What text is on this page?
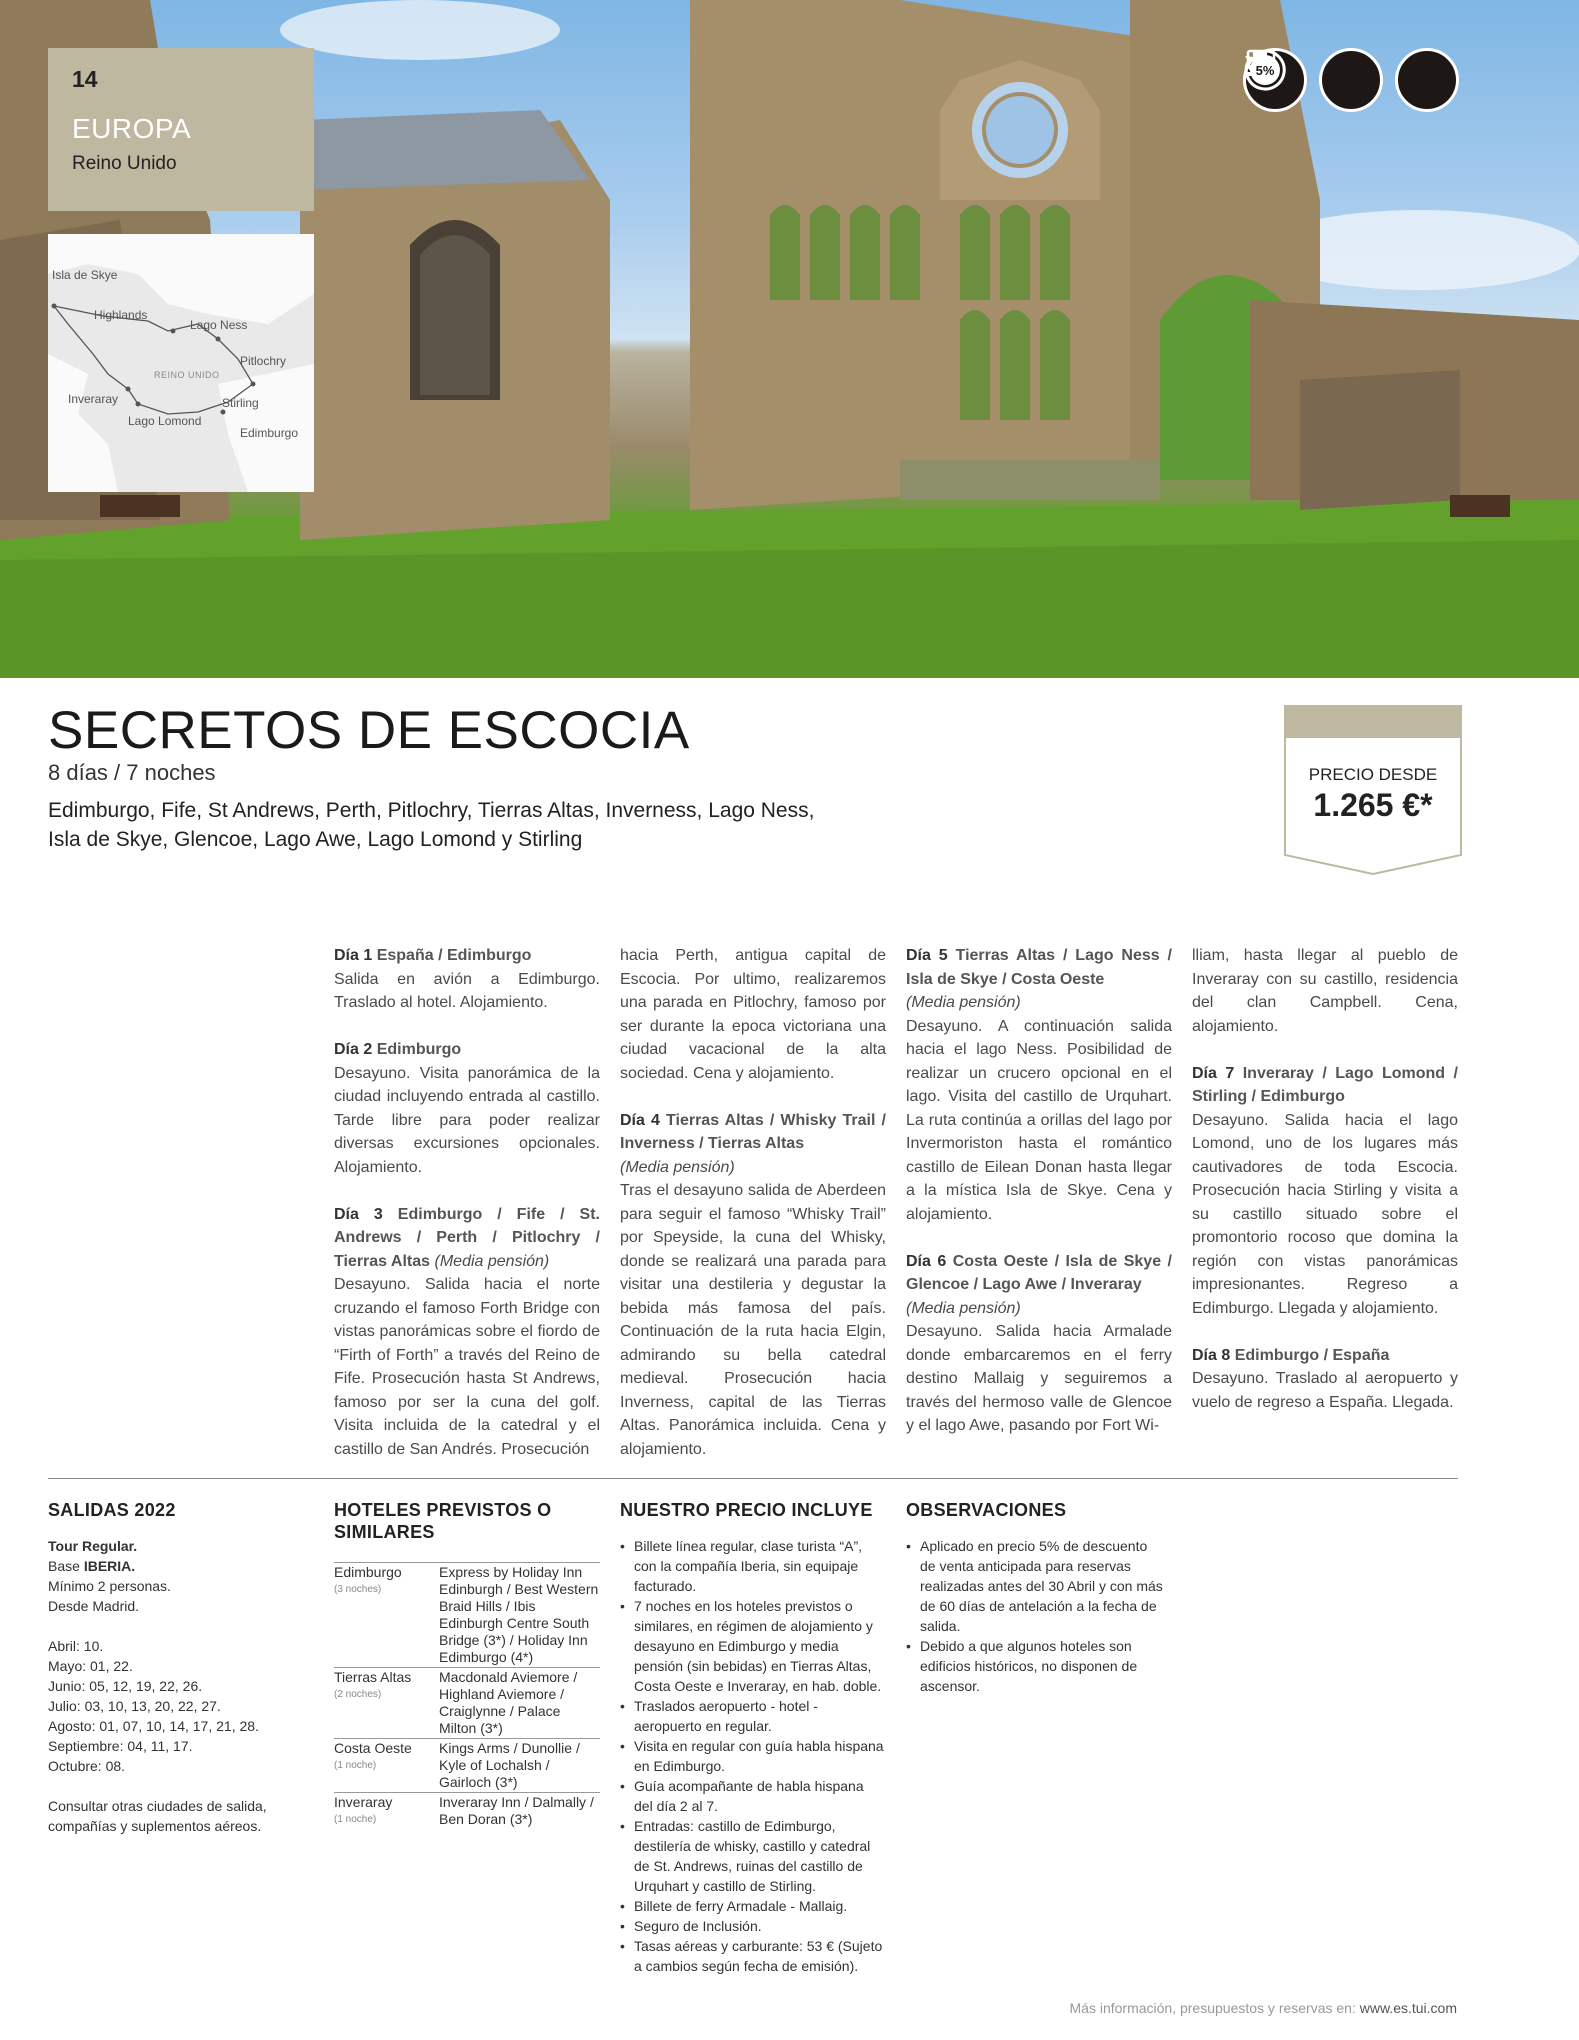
14
EUROPA
Reino Unido
Isla de Skye
Highlands
Lago Ness
Pitlochry
REINO UNIDO
Inveraray	Stirling
Lago Lomond
Edimburgo
5%
SECRETOS DE ESCOCIA
8 días / 7 noches
Edimburgo, Fife, St Andrews, Perth, Pitlochry, Tierras Altas, Inverness, Lago Ness,
Isla de Skye, Glencoe, Lago Awe, Lago Lomond y Stirling
PRECIO DESDE
1.265 €*
Día 1 España / Edimburgo
Salida en avión a Edimburgo. Traslado al hotel. Alojamiento.
Día 2 Edimburgo
Desayuno. Visita panorámica de la ciudad incluyendo entrada al castillo. Tarde libre para poder realizar diversas excursiones opcionales. Alojamiento.
Día 3 Edimburgo / Fife / St. Andrews / Perth / Pitlochry / Tierras Altas (Media pensión)
Desayuno. Salida hacia el norte cruzando el famoso Forth Bridge con vistas panorámicas sobre el fiordo de “Firth of Forth” a través del Reino de Fife. Prosecución hasta St Andrews, famoso por ser la cuna del golf. Visita incluida de la catedral y el castillo de San Andrés. Prosecución
hacia Perth, antigua capital de Escocia. Por ultimo, realizaremos una parada en Pitlochry, famoso por ser durante la epoca victoriana una ciudad vacacional de la alta sociedad. Cena y alojamiento.
Día 4 Tierras Altas / Whisky Trail / Inverness / Tierras Altas
(Media pensión)
Tras el desayuno salida de Aberdeen para seguir el famoso “Whisky Trail” por Speyside, la cuna del Whisky, donde se realizará una parada para visitar una destileria y degustar la bebida más famosa del país. Continuación de la ruta hacia Elgin, admirando su bella catedral medieval. Prosecución hacia Inverness, capital de las Tierras Altas. Panorámica incluida. Cena y alojamiento.
Día 5 Tierras Altas / Lago Ness / Isla de Skye / Costa Oeste
(Media pensión)
Desayuno. A continuación salida hacia el lago Ness. Posibilidad de realizar un crucero opcional en el lago. Visita del castillo de Urquhart. La ruta continúa a orillas del lago por Invermoriston hasta el romántico castillo de Eilean Donan hasta llegar a la mística Isla de Skye. Cena y alojamiento.
Día 6 Costa Oeste / Isla de Skye / Glencoe / Lago Awe / Inveraray
(Media pensión)
Desayuno. Salida hacia Armalade donde embarcaremos en el ferry destino Mallaig y seguiremos a través del hermoso valle de Glencoe y el lago Awe, pasando por Fort Wi-
lliam, hasta llegar al pueblo de Inveraray con su castillo, residencia del clan Campbell. Cena, alojamiento.
Día 7 Inveraray / Lago Lomond / Stirling / Edimburgo
Desayuno. Salida hacia el lago Lomond, uno de los lugares más cautivadores de toda Escocia. Prosecución hacia Stirling y visita a su castillo situado sobre el promontorio rocoso que domina la región con vistas panorámicas impresionantes. Regreso a Edimburgo. Llegada y alojamiento.
Día 8 Edimburgo / España
Desayuno. Traslado al aeropuerto y vuelo de regreso a España. Llegada.
SALIDAS 2022
Tour Regular.
Base IBERIA.
Mínimo 2 personas.
Desde Madrid.
Abril: 10.
Mayo: 01, 22.
Junio: 05, 12, 19, 22, 26.
Julio: 03, 10, 13, 20, 22, 27.
Agosto: 01, 07, 10, 14, 17, 21, 28.
Septiembre: 04, 11, 17.
Octubre: 08.
Consultar otras ciudades de salida, compañías y suplementos aéreos.
HOTELES PREVISTOS O SIMILARES
Edimburgo
(3 noches)
Express by Holiday Inn Edinburgh / Best Western Braid Hills / Ibis Edinburgh Centre South Bridge (3*) / Holiday Inn Edimburgo (4*)
Tierras Altas
(2 noches)
Macdonald Aviemore / Highland Aviemore / Craiglynne / Palace Milton (3*)
Costa Oeste
(1 noche)
Kings Arms / Dunollie / Kyle of Lochalsh / Gairloch (3*)
Inveraray
(1 noche)
Inveraray Inn / Dalmally / Ben Doran (3*)
NUESTRO PRECIO INCLUYE
• Billete línea regular, clase turista “A”, con la compañía Iberia, sin equipaje facturado.
• 7 noches en los hoteles previstos o similares, en régimen de alojamiento y desayuno en Edimburgo y media pensión (sin bebidas) en Tierras Altas, Costa Oeste e Inveraray, en hab. doble.
• Traslados aeropuerto - hotel - aeropuerto en regular.
• Visita en regular con guía habla hispana en Edimburgo.
• Guía acompañante de habla hispana del día 2 al 7.
• Entradas: castillo de Edimburgo, destilería de whisky, castillo y catedral de St. Andrews, ruinas del castillo de Urquhart y castillo de Stirling.
• Billete de ferry Armadale - Mallaig.
• Seguro de Inclusión.
• Tasas aéreas y carburante: 53 € (Sujeto a cambios según fecha de emisión).
OBSERVACIONES
• Aplicado en precio 5% de descuento de venta anticipada para reservas realizadas antes del 30 Abril y con más de 60 días de antelación a la fecha de salida.
• Debido a que algunos hoteles son edificios históricos, no disponen de ascensor.
Más información, presupuestos y reservas en: www.es.tui.com
